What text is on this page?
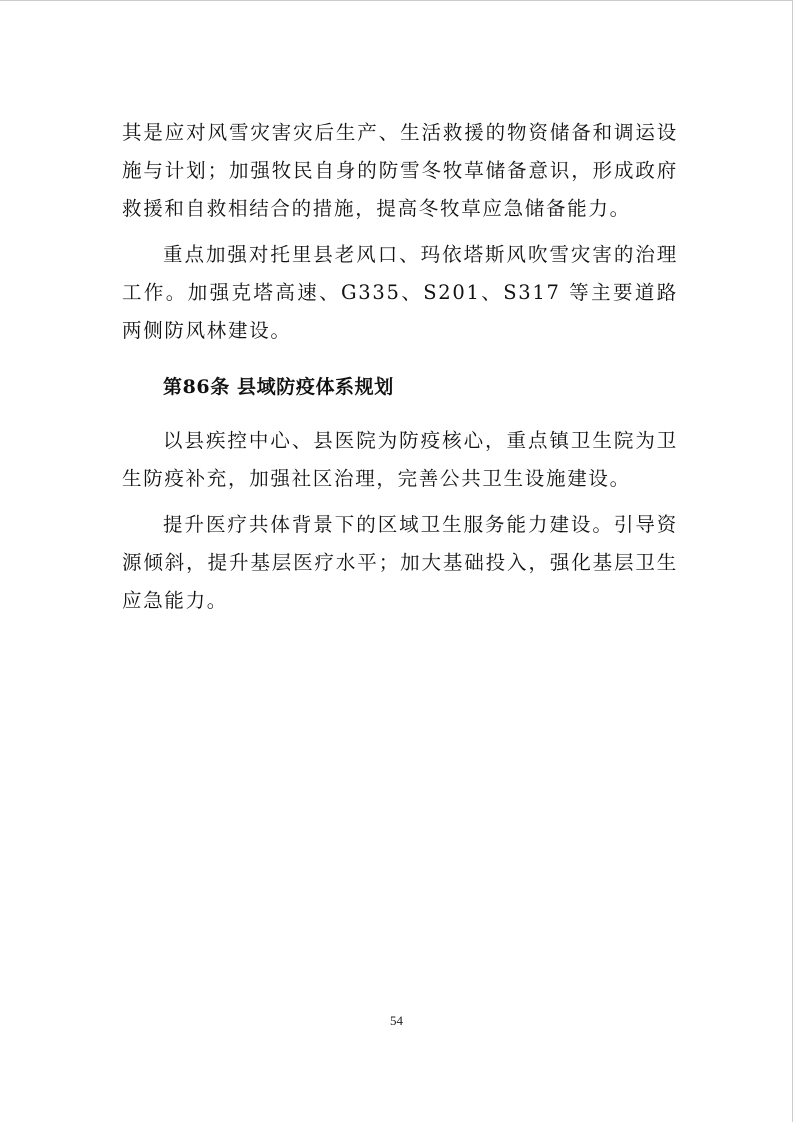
其是应对风雪灾害灾后生产、生活救援的物资储备和调运设施与计划；加强牧民自身的防雪冬牧草储备意识，形成政府救援和自救相结合的措施，提高冬牧草应急储备能力。

重点加强对托里县老风口、玛依塔斯风吹雪灾害的治理工作。加强克塔高速、G335、S201、S317 等主要道路两侧防风林建设。

第86条 县域防疫体系规划

以县疾控中心、县医院为防疫核心，重点镇卫生院为卫生防疫补充，加强社区治理，完善公共卫生设施建设。

提升医疗共体背景下的区域卫生服务能力建设。引导资源倾斜，提升基层医疗水平；加大基础投入，强化基层卫生应急能力。

54
